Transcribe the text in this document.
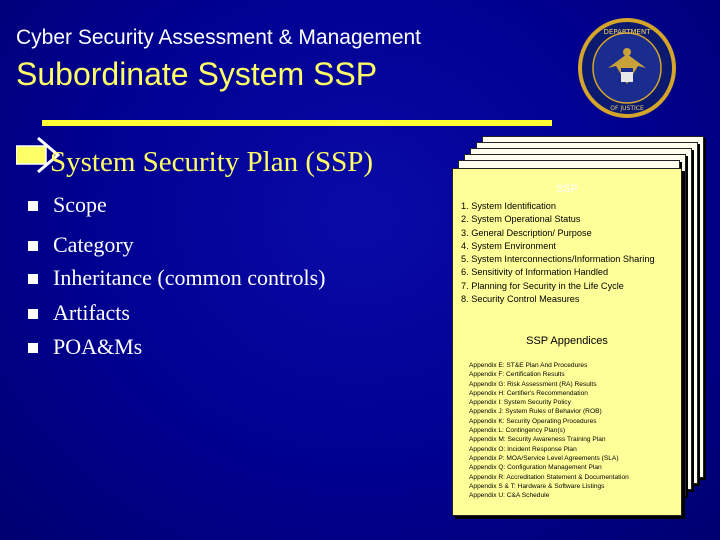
Cyber Security Assessment & Management
Subordinate System SSP
DEPARTMENT
OF JUSTICE
System Security Plan (SSP)
Scope
Category
Inheritance (common controls)
Artifacts
POA&Ms
SSP
1. System Identification
2. System Operational Status
3. General Description/ Purpose
4. System Environment
5. System Interconnections/Information Sharing
6. Sensitivity of Information Handled
7. Planning for Security in the Life Cycle
8. Security Control Measures
SSP Appendices
Appendix E: ST&E Plan And Procedures
Appendix F: Certification Results
Appendix G: Risk Assessment (RA) Results
Appendix H: Certifier's Recommendation
Appendix I: System Security Policy
Appendix J: System Rules of Behavior (ROB)
Appendix K: Security Operating Procedures
Appendix L: Contingency Plan(s)
Appendix M: Security Awareness Training Plan
Appendix O: Incident Response Plan
Appendix P: MOA/Service Level Agreements (SLA)
Appendix Q: Configuration Management Plan
Appendix R: Accreditation Statement & Documentation
Appendix S & T: Hardware & Software Listings
Appendix U: C&A Schedule
